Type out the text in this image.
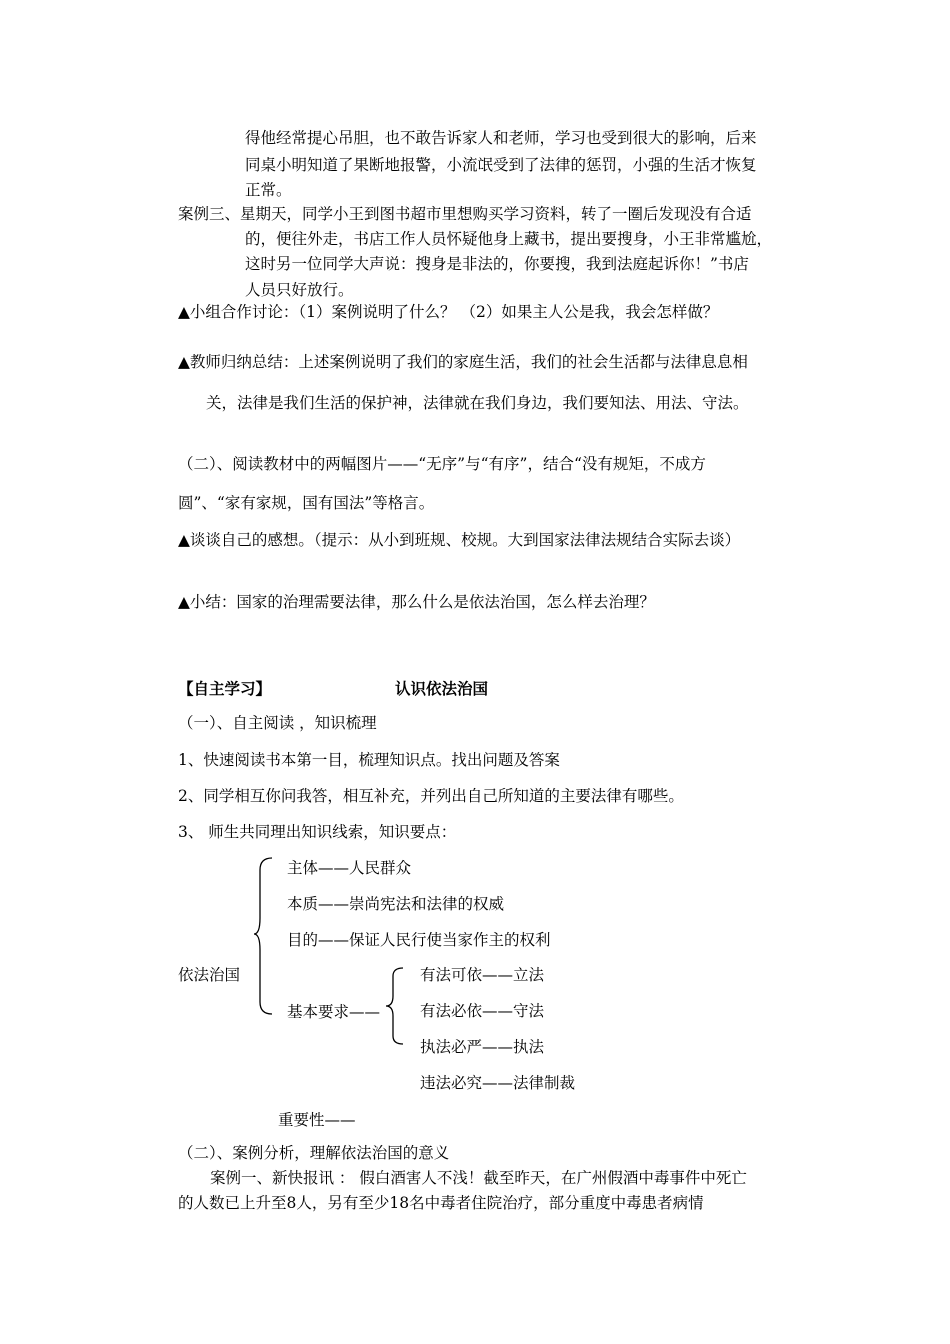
得他经常提心吊胆，也不敢告诉家人和老师，学习也受到很大的影响，后来
同桌小明知道了果断地报警，小流氓受到了法律的惩罚，小强的生活才恢复
正常。
案例三、星期天，同学小王到图书超市里想购买学习资料，转了一圈后发现没有合适
的，便往外走，书店工作人员怀疑他身上藏书，提出要搜身，小王非常尴尬，
这时另一位同学大声说：搜身是非法的，你要搜，我到法庭起诉你！”书店
人员只好放行。
▲小组合作讨论：（1）案例说明了什么？ （2）如果主人公是我，我会怎样做？
▲教师归纳总结：上述案例说明了我们的家庭生活，我们的社会生活都与法律息息相
关，法律是我们生活的保护神，法律就在我们身边，我们要知法、用法、守法。
（二）、阅读教材中的两幅图片——“无序”与“有序”，结合“没有规矩，不成方
圆”、“家有家规，国有国法”等格言。
▲谈谈自己的感想。（提示：从小到班规、校规。大到国家法律法规结合实际去谈）
▲小结：国家的治理需要法律，那么什么是依法治国，怎么样去治理？
【自主学习】	认识依法治国
（一）、自主阅读 ，知识梳理
1、快速阅读书本第一目，梳理知识点。找出问题及答案
2、同学相互你问我答，相互补充，并列出自己所知道的主要法律有哪些。
3、 师生共同理出知识线索，知识要点：
依法治国
主体——人民群众
本质——崇尚宪法和法律的权威
目的——保证人民行使当家作主的权利
基本要求——
有法可依——立法
有法必依——守法
执法必严——执法
违法必究——法律制裁
重要性——
（二）、案例分析，理解依法治国的意义
案例一、新快报讯 ： 假白酒害人不浅！截至昨天，在广州假酒中毒事件中死亡
的人数已上升至8人，另有至少18名中毒者住院治疗，部分重度中毒患者病情
